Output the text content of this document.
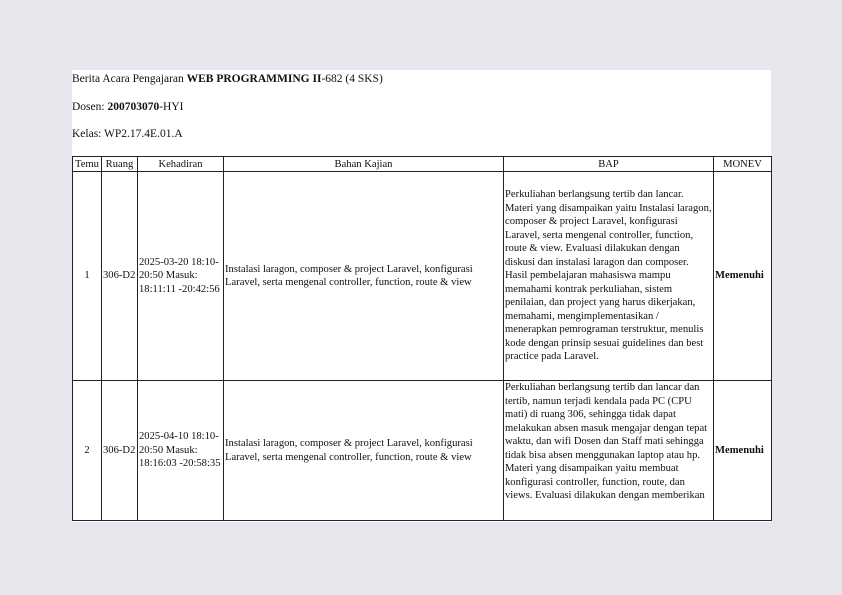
Berita Acara Pengajaran WEB PROGRAMMING II-682 (4 SKS)
Dosen: 200703070-HYI
Kelas: WP2.17.4E.01.A
Temu	Ruang	Kehadiran	Bahan Kajian	BAP	MONEV
1	306-D2	2025-03-20 18:10-20:50 Masuk: 18:11:11 -20:42:56	Instalasi laragon, composer & project Laravel, konfigurasi Laravel, serta mengenal controller, function, route & view	Perkuliahan berlangsung tertib dan lancar. Materi yang disampaikan yaitu Instalasi laragon, composer & project Laravel, konfigurasi Laravel, serta mengenal controller, function, route & view. Evaluasi dilakukan dengan diskusi dan instalasi laragon dan composer. Hasil pembelajaran mahasiswa mampu memahami kontrak perkuliahan, sistem penilaian, dan project yang harus dikerjakan, memahami, mengimplementasikan / menerapkan pemrograman terstruktur, menulis kode dengan prinsip sesuai guidelines dan best practice pada Laravel.	Memenuhi
2	306-D2	2025-04-10 18:10-20:50 Masuk: 18:16:03 -20:58:35	Instalasi laragon, composer & project Laravel, konfigurasi Laravel, serta mengenal controller, function, route & view	Perkuliahan berlangsung tertib dan lancar dan tertib, namun terjadi kendala pada PC (CPU mati) di ruang 306, sehingga tidak dapat melakukan absen masuk mengajar dengan tepat waktu, dan wifi Dosen dan Staff mati sehingga tidak bisa absen menggunakan laptop atau hp. Materi yang disampaikan yaitu membuat konfigurasi controller, function, route, dan views. Evaluasi dilakukan dengan memberikan	Memenuhi
